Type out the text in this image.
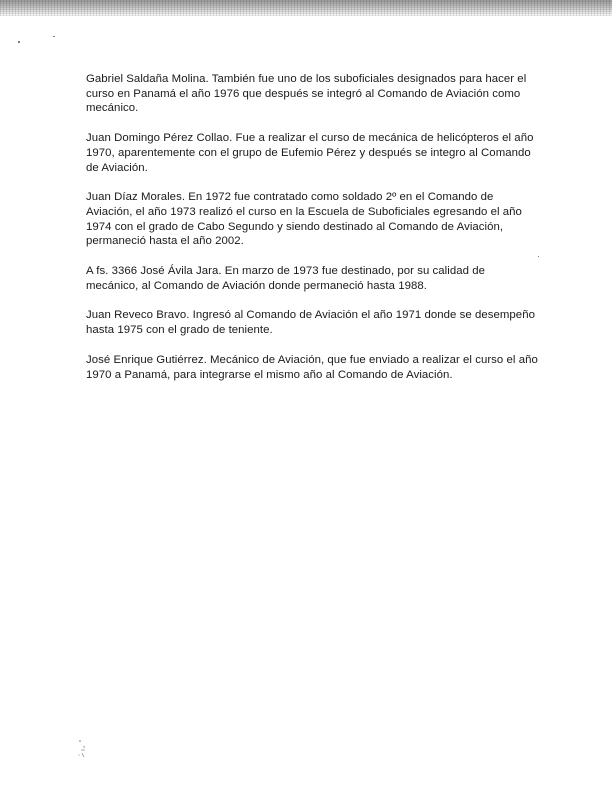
Gabriel Saldaña Molina. También fue uno de los suboficiales designados para hacer el
curso en Panamá el año 1976 que después se integró al Comando de Aviación como
mecánico.

Juan Domingo Pérez Collao. Fue a realizar el curso de mecánica de helicópteros el año
1970, aparentemente con el grupo de Eufemio Pérez y después se integro al Comando
de Aviación.

Juan Díaz Morales. En 1972 fue contratado como soldado 2º en el Comando de
Aviación, el año 1973 realizó el curso en la Escuela de Suboficiales egresando el año
1974 con el grado de Cabo Segundo y siendo destinado al Comando de Aviación,
permaneció hasta el año 2002.

A fs. 3366 José Ávila Jara. En marzo de 1973 fue destinado, por su calidad de
mecánico, al Comando de Aviación donde permaneció hasta 1988.

Juan Reveco Bravo. Ingresó al Comando de Aviación el año 1971 donde se desempeño
hasta 1975 con el grado de teniente.

José Enrique Gutiérrez. Mecánico de Aviación, que fue enviado a realizar el curso el año
1970 a Panamá, para integrarse el mismo año al Comando de Aviación.
